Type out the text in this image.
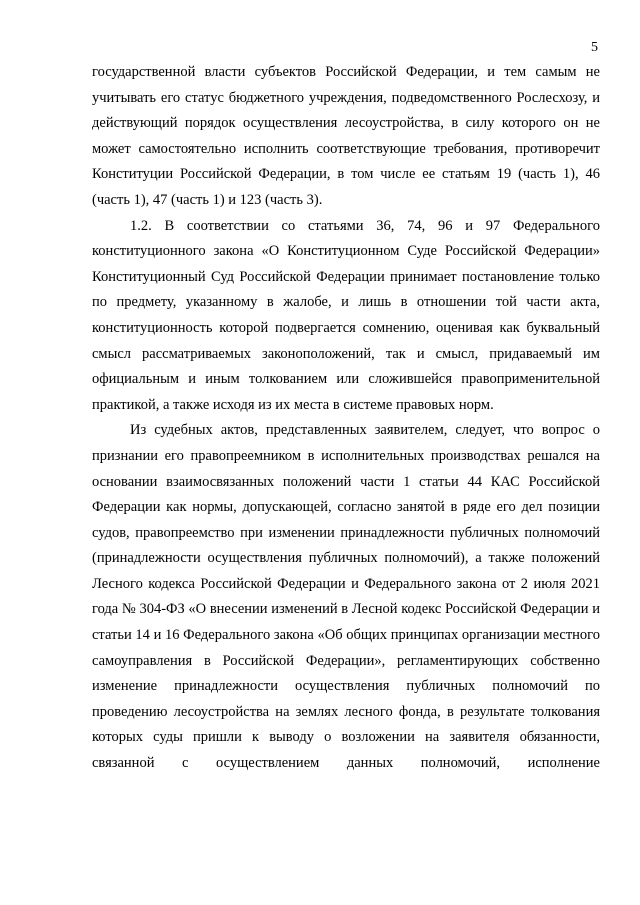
5

государственной власти субъектов Российской Федерации, и тем самым не учитывать его статус бюджетного учреждения, подведомственного Рослесхозу, и действующий порядок осуществления лесоустройства, в силу которого он не может самостоятельно исполнить соответствующие требования, противоречит Конституции Российской Федерации, в том числе ее статьям 19 (часть 1), 46 (часть 1), 47 (часть 1) и 123 (часть 3).

1.2. В соответствии со статьями 36, 74, 96 и 97 Федерального конституционного закона «О Конституционном Суде Российской Федерации» Конституционный Суд Российской Федерации принимает постановление только по предмету, указанному в жалобе, и лишь в отношении той части акта, конституционность которой подвергается сомнению, оценивая как буквальный смысл рассматриваемых законоположений, так и смысл, придаваемый им официальным и иным толкованием или сложившейся правоприменительной практикой, а также исходя из их места в системе правовых норм.

Из судебных актов, представленных заявителем, следует, что вопрос о признании его правопреемником в исполнительных производствах решался на основании взаимосвязанных положений части 1 статьи 44 КАС Российской Федерации как нормы, допускающей, согласно занятой в ряде его дел позиции судов, правопреемство при изменении принадлежности публичных полномочий (принадлежности осуществления публичных полномочий), а также положений Лесного кодекса Российской Федерации и Федерального закона от 2 июля 2021 года № 304-ФЗ «О внесении изменений в Лесной кодекс Российской Федерации и статьи 14 и 16 Федерального закона «Об общих принципах организации местного самоуправления в Российской Федерации», регламентирующих собственно изменение принадлежности осуществления публичных полномочий по проведению лесоустройства на землях лесного фонда, в результате толкования которых суды пришли к выводу о возложении на заявителя обязанности, связанной с осуществлением данных полномочий, исполнение
